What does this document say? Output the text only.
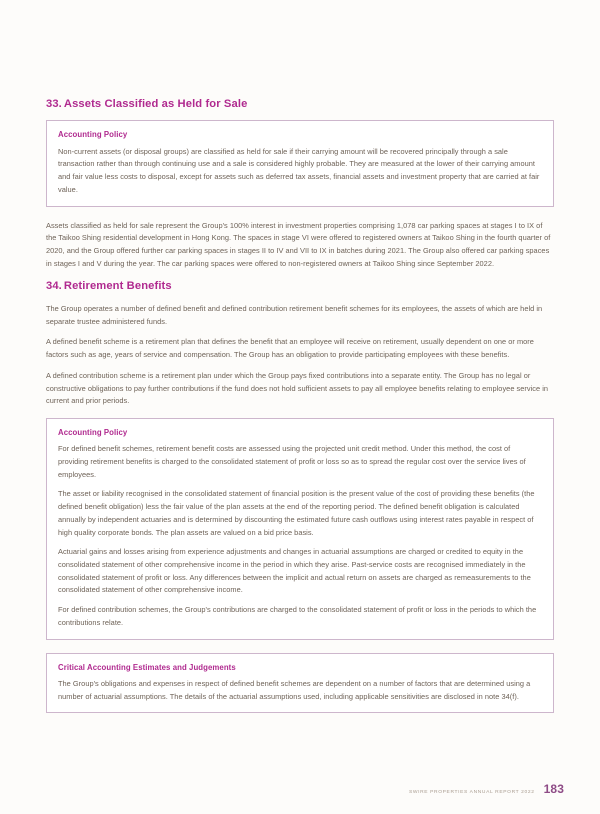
33. Assets Classified as Held for Sale
Accounting Policy

Non-current assets (or disposal groups) are classified as held for sale if their carrying amount will be recovered principally through a sale transaction rather than through continuing use and a sale is considered highly probable. They are measured at the lower of their carrying amount and fair value less costs to disposal, except for assets such as deferred tax assets, financial assets and investment property that are carried at fair value.

Assets classified as held for sale represent the Group's 100% interest in investment properties comprising 1,078 car parking spaces at stages I to IX of the Taikoo Shing residential development in Hong Kong. The spaces in stage VI were offered to registered owners at Taikoo Shing in the fourth quarter of 2020, and the Group offered further car parking spaces in stages II to IV and VII to IX in batches during 2021. The Group also offered car parking spaces in stages I and V during the year. The car parking spaces were offered to non-registered owners at Taikoo Shing since September 2022.

34. Retirement Benefits

The Group operates a number of defined benefit and defined contribution retirement benefit schemes for its employees, the assets of which are held in separate trustee administered funds.

A defined benefit scheme is a retirement plan that defines the benefit that an employee will receive on retirement, usually dependent on one or more factors such as age, years of service and compensation. The Group has an obligation to provide participating employees with these benefits.

A defined contribution scheme is a retirement plan under which the Group pays fixed contributions into a separate entity. The Group has no legal or constructive obligations to pay further contributions if the fund does not hold sufficient assets to pay all employee benefits relating to employee service in current and prior periods.

Accounting Policy

For defined benefit schemes, retirement benefit costs are assessed using the projected unit credit method. Under this method, the cost of providing retirement benefits is charged to the consolidated statement of profit or loss so as to spread the regular cost over the service lives of employees.

The asset or liability recognised in the consolidated statement of financial position is the present value of the cost of providing these benefits (the defined benefit obligation) less the fair value of the plan assets at the end of the reporting period. The defined benefit obligation is calculated annually by independent actuaries and is determined by discounting the estimated future cash outflows using interest rates payable in respect of high quality corporate bonds. The plan assets are valued on a bid price basis.

Actuarial gains and losses arising from experience adjustments and changes in actuarial assumptions are charged or credited to equity in the consolidated statement of other comprehensive income in the period in which they arise. Past-service costs are recognised immediately in the consolidated statement of profit or loss. Any differences between the implicit and actual return on assets are charged as remeasurements to the consolidated statement of other comprehensive income.

For defined contribution schemes, the Group's contributions are charged to the consolidated statement of profit or loss in the periods to which the contributions relate.

Critical Accounting Estimates and Judgements

The Group's obligations and expenses in respect of defined benefit schemes are dependent on a number of factors that are determined using a number of actuarial assumptions. The details of the actuarial assumptions used, including applicable sensitivities are disclosed in note 34(f).

SWIRE PROPERTIES ANNUAL REPORT 2022 183
